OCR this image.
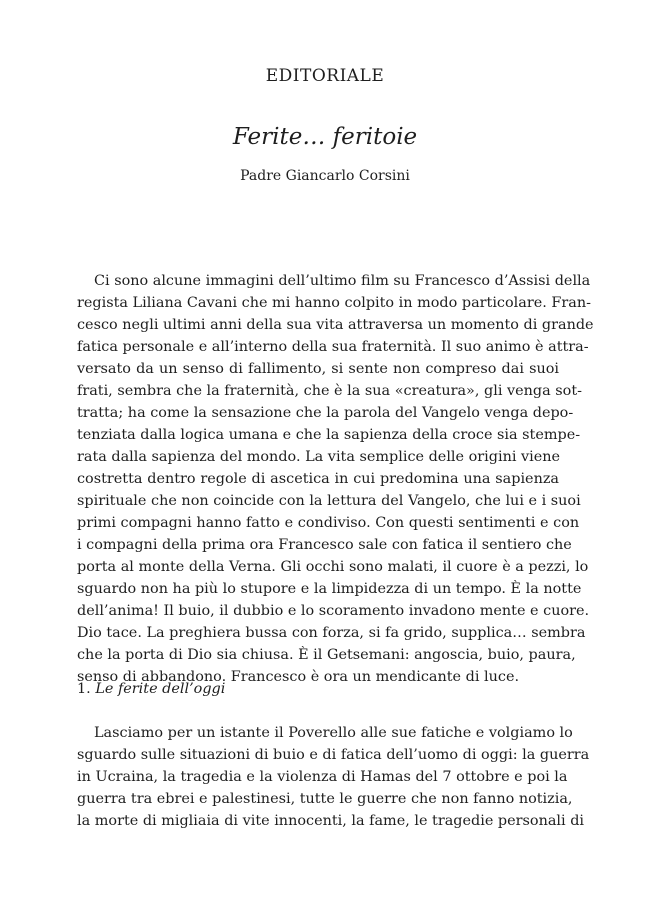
EDITORIALE
Ferite… feritoie
Padre Giancarlo Corsini
Ci sono alcune immagini dell’ultimo film su Francesco d’Assisi della
regista Liliana Cavani che mi hanno colpito in modo particolare. Fran-
cesco negli ultimi anni della sua vita attraversa un momento di grande
fatica personale e all’interno della sua fraternità. Il suo animo è attra-
versato da un senso di fallimento, si sente non compreso dai suoi
frati, sembra che la fraternità, che è la sua «creatura», gli venga sot-
tratta; ha come la sensazione che la parola del Vangelo venga depo-
tenziata dalla logica umana e che la sapienza della croce sia stempe-
rata dalla sapienza del mondo. La vita semplice delle origini viene
costretta dentro regole di ascetica in cui predomina una sapienza
spirituale che non coincide con la lettura del Vangelo, che lui e i suoi
primi compagni hanno fatto e condiviso. Con questi sentimenti e con
i compagni della prima ora Francesco sale con fatica il sentiero che
porta al monte della Verna. Gli occhi sono malati, il cuore è a pezzi, lo
sguardo non ha più lo stupore e la limpidezza di un tempo. È la notte
dell’anima! Il buio, il dubbio e lo scoramento invadono mente e cuore.
Dio tace. La preghiera bussa con forza, si fa grido, supplica… sembra
che la porta di Dio sia chiusa. È il Getsemani: angoscia, buio, paura,
senso di abbandono. Francesco è ora un mendicante di luce.
1. Le ferite dell’oggi
Lasciamo per un istante il Poverello alle sue fatiche e volgiamo lo
sguardo sulle situazioni di buio e di fatica dell’uomo di oggi: la guerra
in Ucraina, la tragedia e la violenza di Hamas del 7 ottobre e poi la
guerra tra ebrei e palestinesi, tutte le guerre che non fanno notizia,
la morte di migliaia di vite innocenti, la fame, le tragedie personali di
